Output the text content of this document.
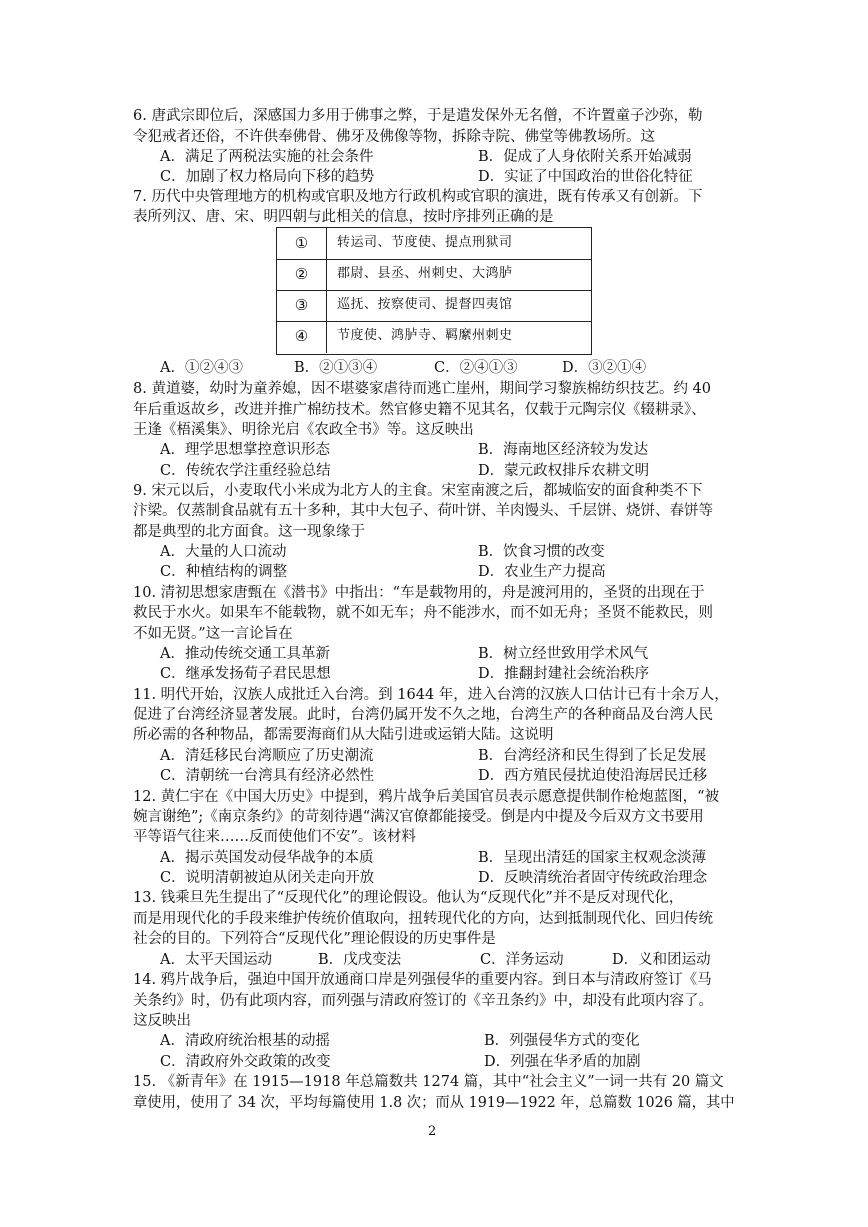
6. 唐武宗即位后，深感国力多用于佛事之弊，于是遣发保外无名僧，不许置童子沙弥，勒
令犯戒者还俗，不许供奉佛骨、佛牙及佛像等物，拆除寺院、佛堂等佛教场所。这
A．满足了两税法实施的社会条件	B．促成了人身依附关系开始减弱
C．加剧了权力格局向下移的趋势	D．实证了中国政治的世俗化特征
7. 历代中央管理地方的机构或官职及地方行政机构或官职的演进，既有传承又有创新。下
表所列汉、唐、宋、明四朝与此相关的信息，按时序排列正确的是
①	转运司、节度使、提点刑狱司
②	郡尉、县丞、州刺史、大鸿胪
③	巡抚、按察使司、提督四夷馆
④	节度使、鸿胪寺、羁縻州刺史
A．①②④③	B．②①③④	C．②④①③	D．③②①④
8. 黄道婆，幼时为童养媳，因不堪婆家虐待而逃亡崖州，期间学习黎族棉纺织技艺。约 40
年后重返故乡，改进并推广棉纺技术。然官修史籍不见其名，仅载于元陶宗仪《辍耕录》、
王逢《梧溪集》、明徐光启《农政全书》等。这反映出
A．理学思想掌控意识形态	B．海南地区经济较为发达
C．传统农学注重经验总结	D．蒙元政权排斥农耕文明
9. 宋元以后，小麦取代小米成为北方人的主食。宋室南渡之后，都城临安的面食种类不下
汴梁。仅蒸制食品就有五十多种，其中大包子、荷叶饼、羊肉馒头、千层饼、烧饼、春饼等
都是典型的北方面食。这一现象缘于
A．大量的人口流动	B．饮食习惯的改变
C．种植结构的调整	D．农业生产力提高
10. 清初思想家唐甄在《潜书》中指出：“车是载物用的，舟是渡河用的，圣贤的出现在于
救民于水火。如果车不能载物，就不如无车；舟不能涉水，而不如无舟；圣贤不能救民，则
不如无贤。”这一言论旨在
A．推动传统交通工具革新	B．树立经世致用学术风气
C．继承发扬荀子君民思想	D．推翻封建社会统治秩序
11. 明代开始，汉族人成批迁入台湾。到 1644 年，进入台湾的汉族人口估计已有十余万人，
促进了台湾经济显著发展。此时，台湾仍属开发不久之地，台湾生产的各种商品及台湾人民
所必需的各种物品，都需要海商们从大陆引进或运销大陆。这说明
A．清廷移民台湾顺应了历史潮流	B．台湾经济和民生得到了长足发展
C．清朝统一台湾具有经济必然性	D．西方殖民侵扰迫使沿海居民迁移
12. 黄仁宇在《中国大历史》中提到，鸦片战争后美国官员表示愿意提供制作枪炮蓝图，“被
婉言谢绝”;《南京条约》的苛刻待遇“满汉官僚都能接受。倒是内中提及今后双方文书要用
平等语气往来……反而使他们不安”。该材料
A．揭示英国发动侵华战争的本质	B．呈现出清廷的国家主权观念淡薄
C．说明清朝被迫从闭关走向开放	D．反映清统治者固守传统政治理念
13. 钱乘旦先生提出了“反现代化”的理论假设。他认为“反现代化”并不是反对现代化，
而是用现代化的手段来维护传统价值取向，扭转现代化的方向，达到抵制现代化、回归传统
社会的目的。下列符合“反现代化”理论假设的历史事件是
A．太平天国运动	B．戊戌变法	C．洋务运动	D．义和团运动
14. 鸦片战争后，强迫中国开放通商口岸是列强侵华的重要内容。到日本与清政府签订《马
关条约》时，仍有此项内容，而列强与清政府签订的《辛丑条约》中，却没有此项内容了。
这反映出
A．清政府统治根基的动摇	B．列强侵华方式的变化
C．清政府外交政策的改变	D．列强在华矛盾的加剧
15. 《新青年》在 1915—1918 年总篇数共 1274 篇，其中“社会主义”一词一共有 20 篇文
章使用，使用了 34 次，平均每篇使用 1.8 次；而从 1919—1922 年，总篇数 1026 篇，其中
2
